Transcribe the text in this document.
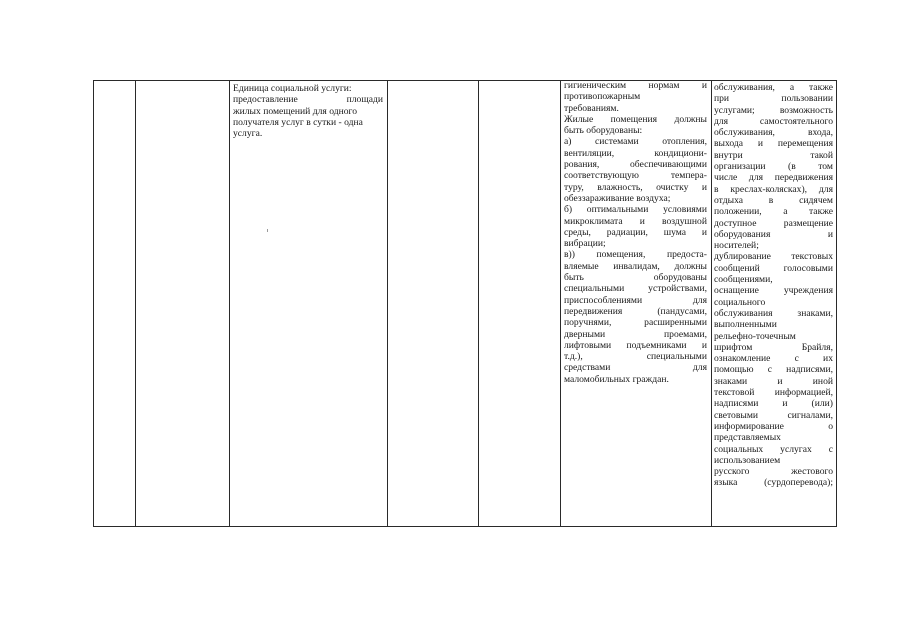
Единица социальной услуги:
предоставление площади
жилых помещений для одного
получателя услуг в сутки - одна
услуга.
гигиеническим нормам и
противопожарным
требованиям.
Жилые помещения должны
быть оборудованы:
а) системами отопления,
вентиляции, кондициони-
рования, обеспечивающими
соответствующую темпера-
туру, влажность, очистку и
обеззараживание воздуха;
б) оптимальными условиями
микроклимата и воздушной
среды, радиации, шума и
вибрации;
в)) помещения, предоста-
вляемые инвалидам, должны
быть оборудованы
специальными устройствами,
приспособлениями для
передвижения (пандусами,
поручнями, расширенными
дверными проемами,
лифтовыми подъемниками и
т.д.), специальными
средствами для
маломобильных граждан.
обслуживания, а также
при пользовании
услугами; возможность
для самостоятельного
обслуживания, входа,
выхода и перемещения
внутри такой
организации (в том
числе для передвижения
в креслах-колясках), для
отдыха в сидячем
положении, а также
доступное размещение
оборудования и
носителей;
дублирование текстовых
сообщений голосовыми
сообщениями,
оснащение учреждения
социального
обслуживания знаками,
выполненными
рельефно-точечным
шрифтом Брайля,
ознакомление с их
помощью с надписями,
знаками и иной
текстовой информацией,
надписями и (или)
световыми сигналами,
информирование о
представляемых
социальных услугах с
использованием
русского жестового
языка (сурдоперевода);
